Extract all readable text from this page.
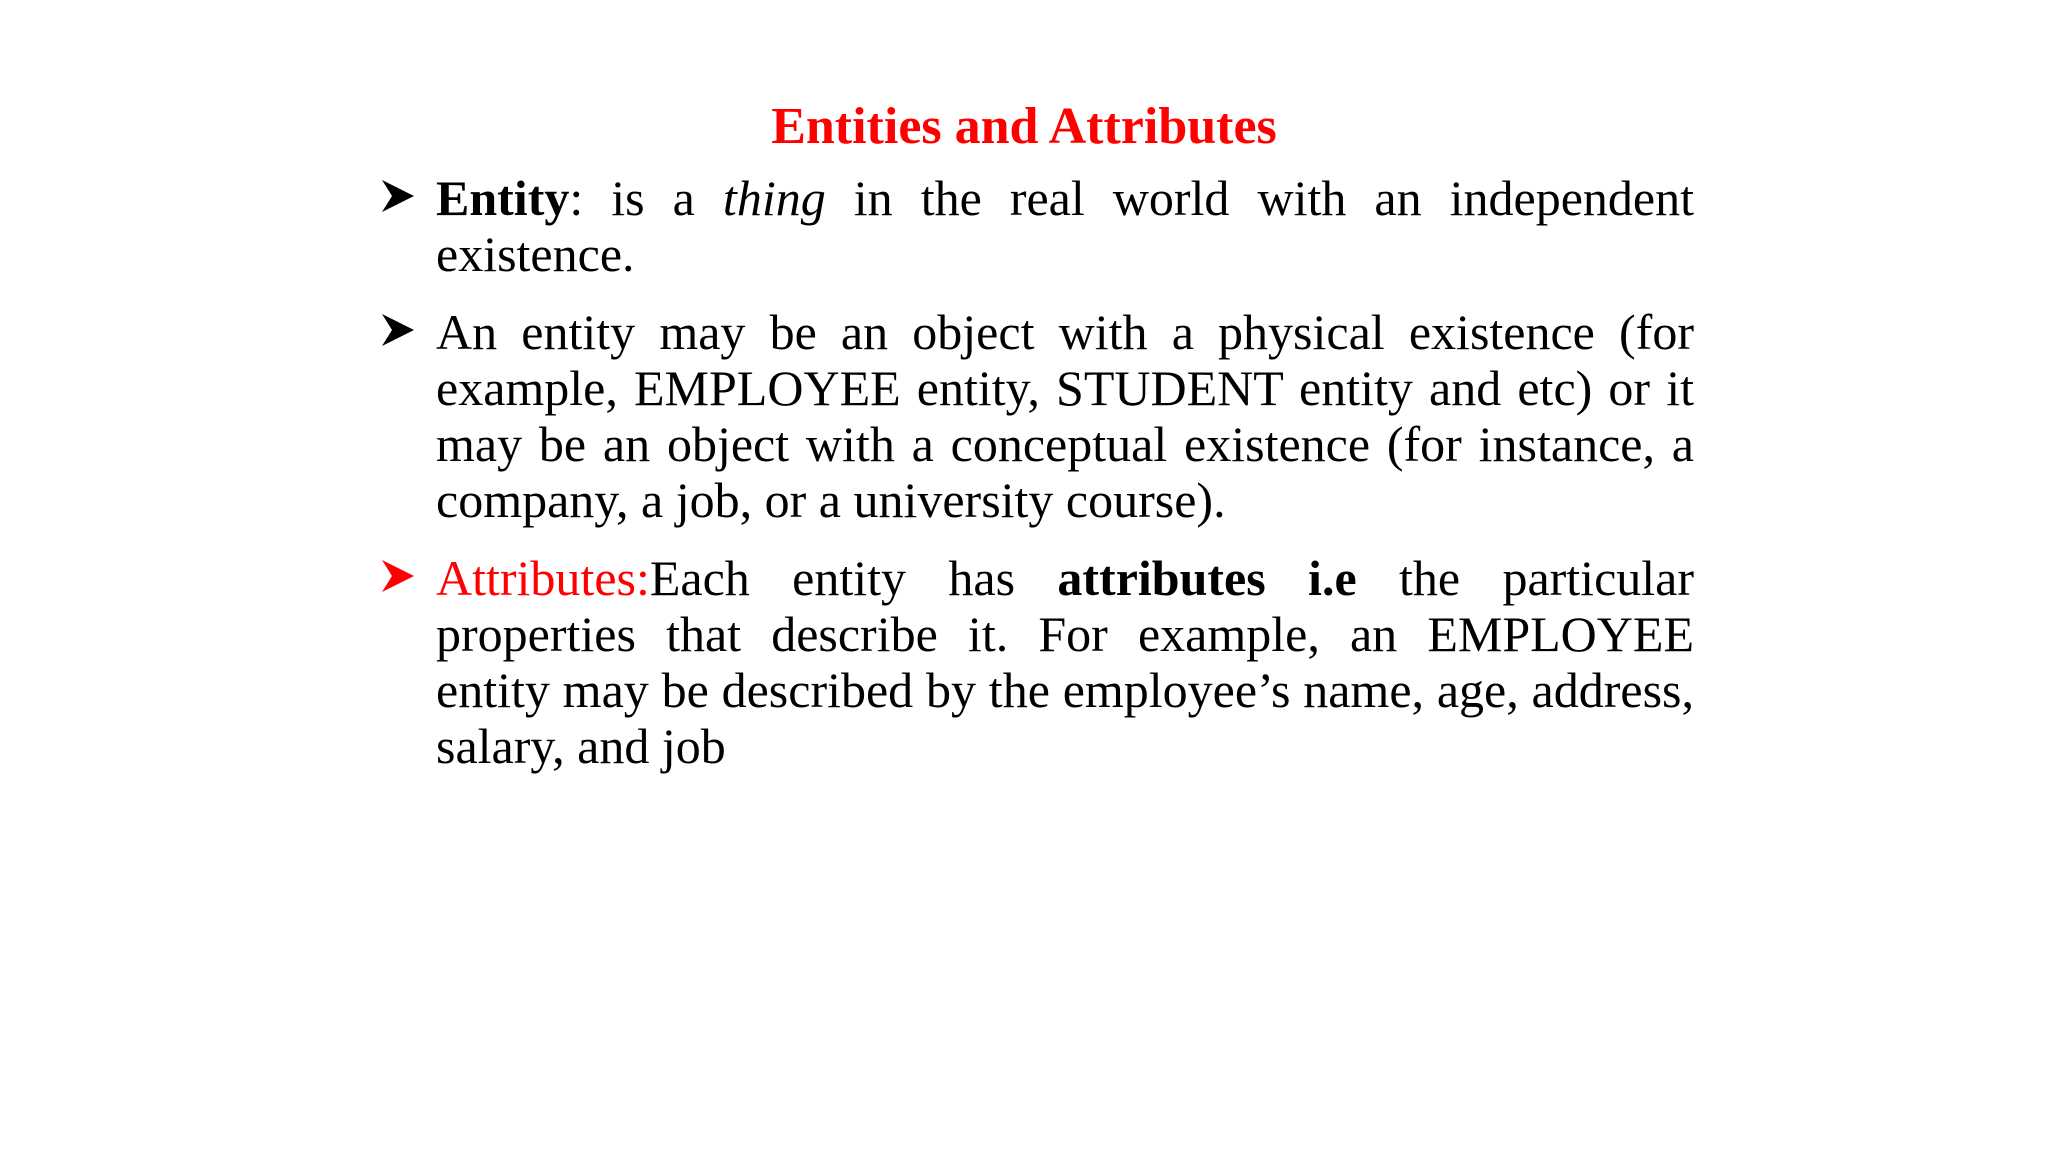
Entities and Attributes
Entity: is a thing in the real world with an independent existence.
An entity may be an object with a physical existence (for example, EMPLOYEE entity, STUDENT entity and etc) or it may be an object with a conceptual existence (for instance, a company, a job, or a university course).
Attributes:Each entity has attributes i.e the particular properties that describe it. For example, an EMPLOYEE entity may be described by the employee’s name, age, address, salary, and job
